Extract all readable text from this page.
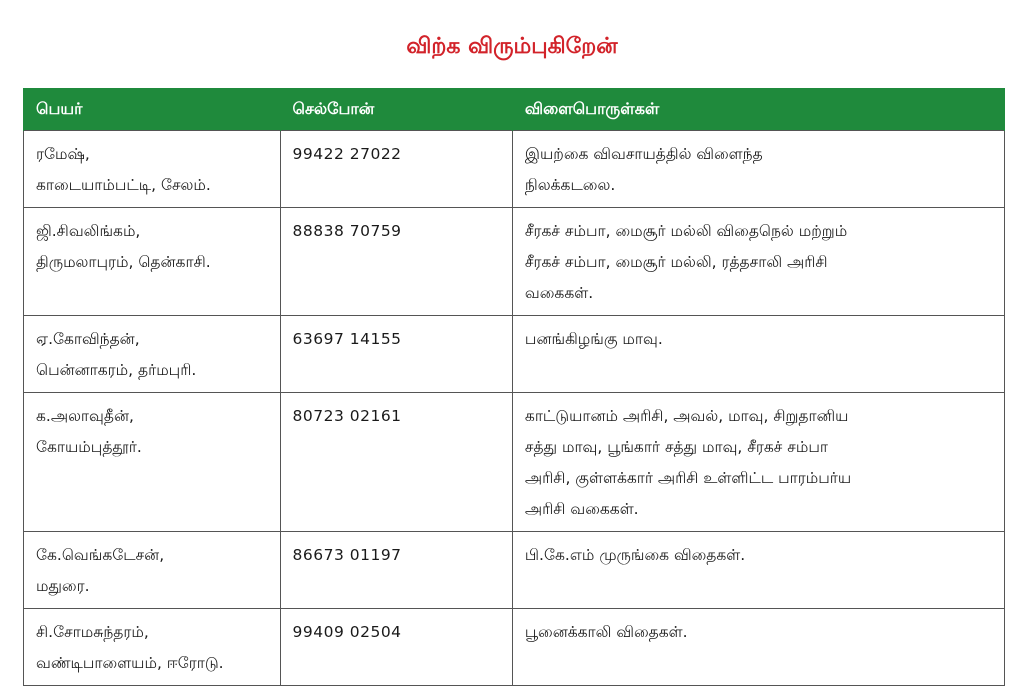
விற்க விரும்புகிறேன்
பெயர்	செல்போன்	விளைபொருள்கள்

ரமேஷ்,
காடையாம்பட்டி, சேலம்.	99422 27022	இயற்கை விவசாயத்தில் விளைந்த
நிலக்கடலை.

ஜி.சிவலிங்கம்,
திருமலாபுரம், தென்காசி.	88838 70759	சீரகச் சம்பா, மைசூர் மல்லி விதைநெல் மற்றும்
சீரகச் சம்பா, மைசூர் மல்லி, ரத்தசாலி அரிசி
வகைகள்.

ஏ.கோவிந்தன்,
பென்னாகரம், தர்மபுரி.	63697 14155	பனங்கிழங்கு மாவு.

க.அலாவுதீன்,
கோயம்புத்தூர்.	80723 02161	காட்டுயானம் அரிசி, அவல், மாவு, சிறுதானிய
சத்து மாவு, பூங்கார் சத்து மாவு, சீரகச் சம்பா
அரிசி, குள்ளக்கார் அரிசி உள்ளிட்ட பாரம்பர்ய
அரிசி வகைகள்.

கே.வெங்கடேசன்,
மதுரை.	86673 01197	பி.கே.எம் முருங்கை விதைகள்.

சி.சோமசுந்தரம்,
வண்டிபாளையம், ஈரோடு.	99409 02504	பூனைக்காலி விதைகள்.
